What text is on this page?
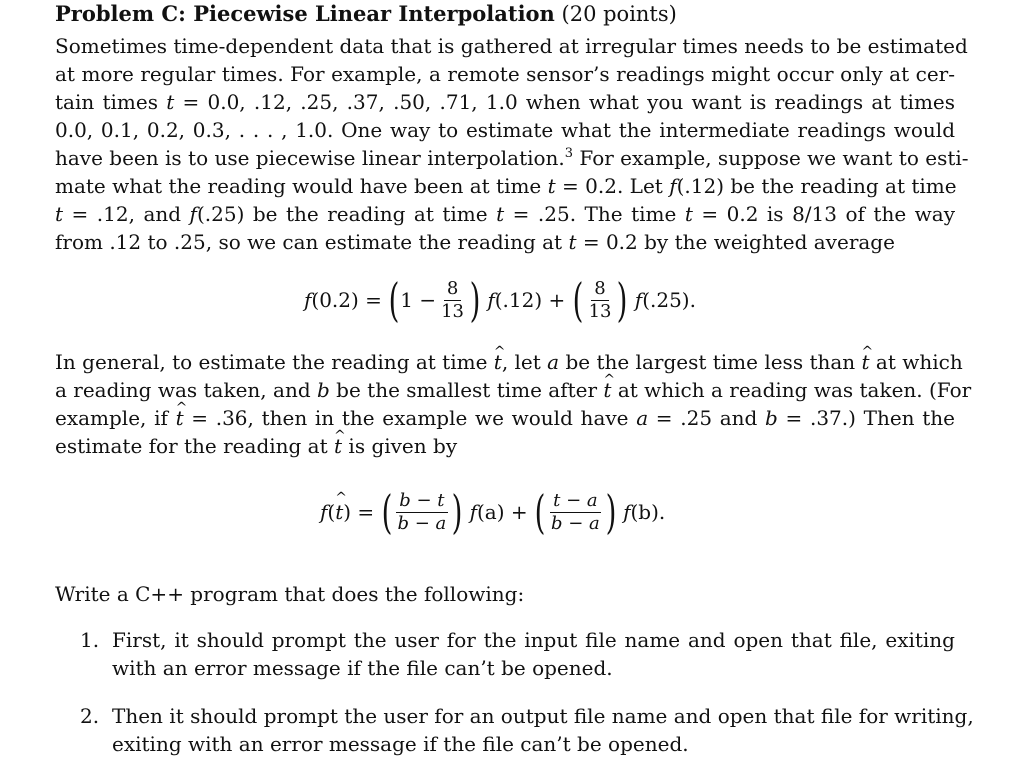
Problem C: Piecewise Linear Interpolation (20 points)
Sometimes time-dependent data that is gathered at irregular times needs to be estimated
at more regular times. For example, a remote sensor’s readings might occur only at cer-
tain times t = 0.0, .12, .25, .37, .50, .71, 1.0 when what you want is readings at times
0.0, 0.1, 0.2, 0.3, . . . , 1.0. One way to estimate what the intermediate readings would
have been is to use piecewise linear interpolation.$^3$ For example, suppose we want to esti-
mate what the reading would have been at time t = 0.2. Let f(.12) be the reading at time
t = .12, and f(.25) be the reading at time t = .25. The time t = 0.2 is 8/13 of the way
from .12 to .25, so we can estimate the reading at t = 0.2 by the weighted average
f (0.2) =
( $1 - \frac{8}{13}$ )
f (.12) +
( $\frac{8}{13}$ )
f (.25).
In general, to estimate the reading at time ^ t, let a be the largest time less than ^ t at which
a reading was taken, and b be the smallest time after ^ t at which a reading was taken. (For
example, if ^ t = .36, then in the example we would have a = .25 and b = .37.) Then the
estimate for the reading at ^ t is given by
f (
^ t ) =
( $\frac{b - t}{b - a}$ )
f (a) +
( $\frac{t - a}{b - a}$ )
f (b).
Write a C++ program that does the following:
1. First, it should prompt the user for the input file name and open that file, exiting
with an error message if the file can’t be opened.
2. Then it should prompt the user for an output file name and open that file for writing,
exiting with an error message if the file can’t be opened.
